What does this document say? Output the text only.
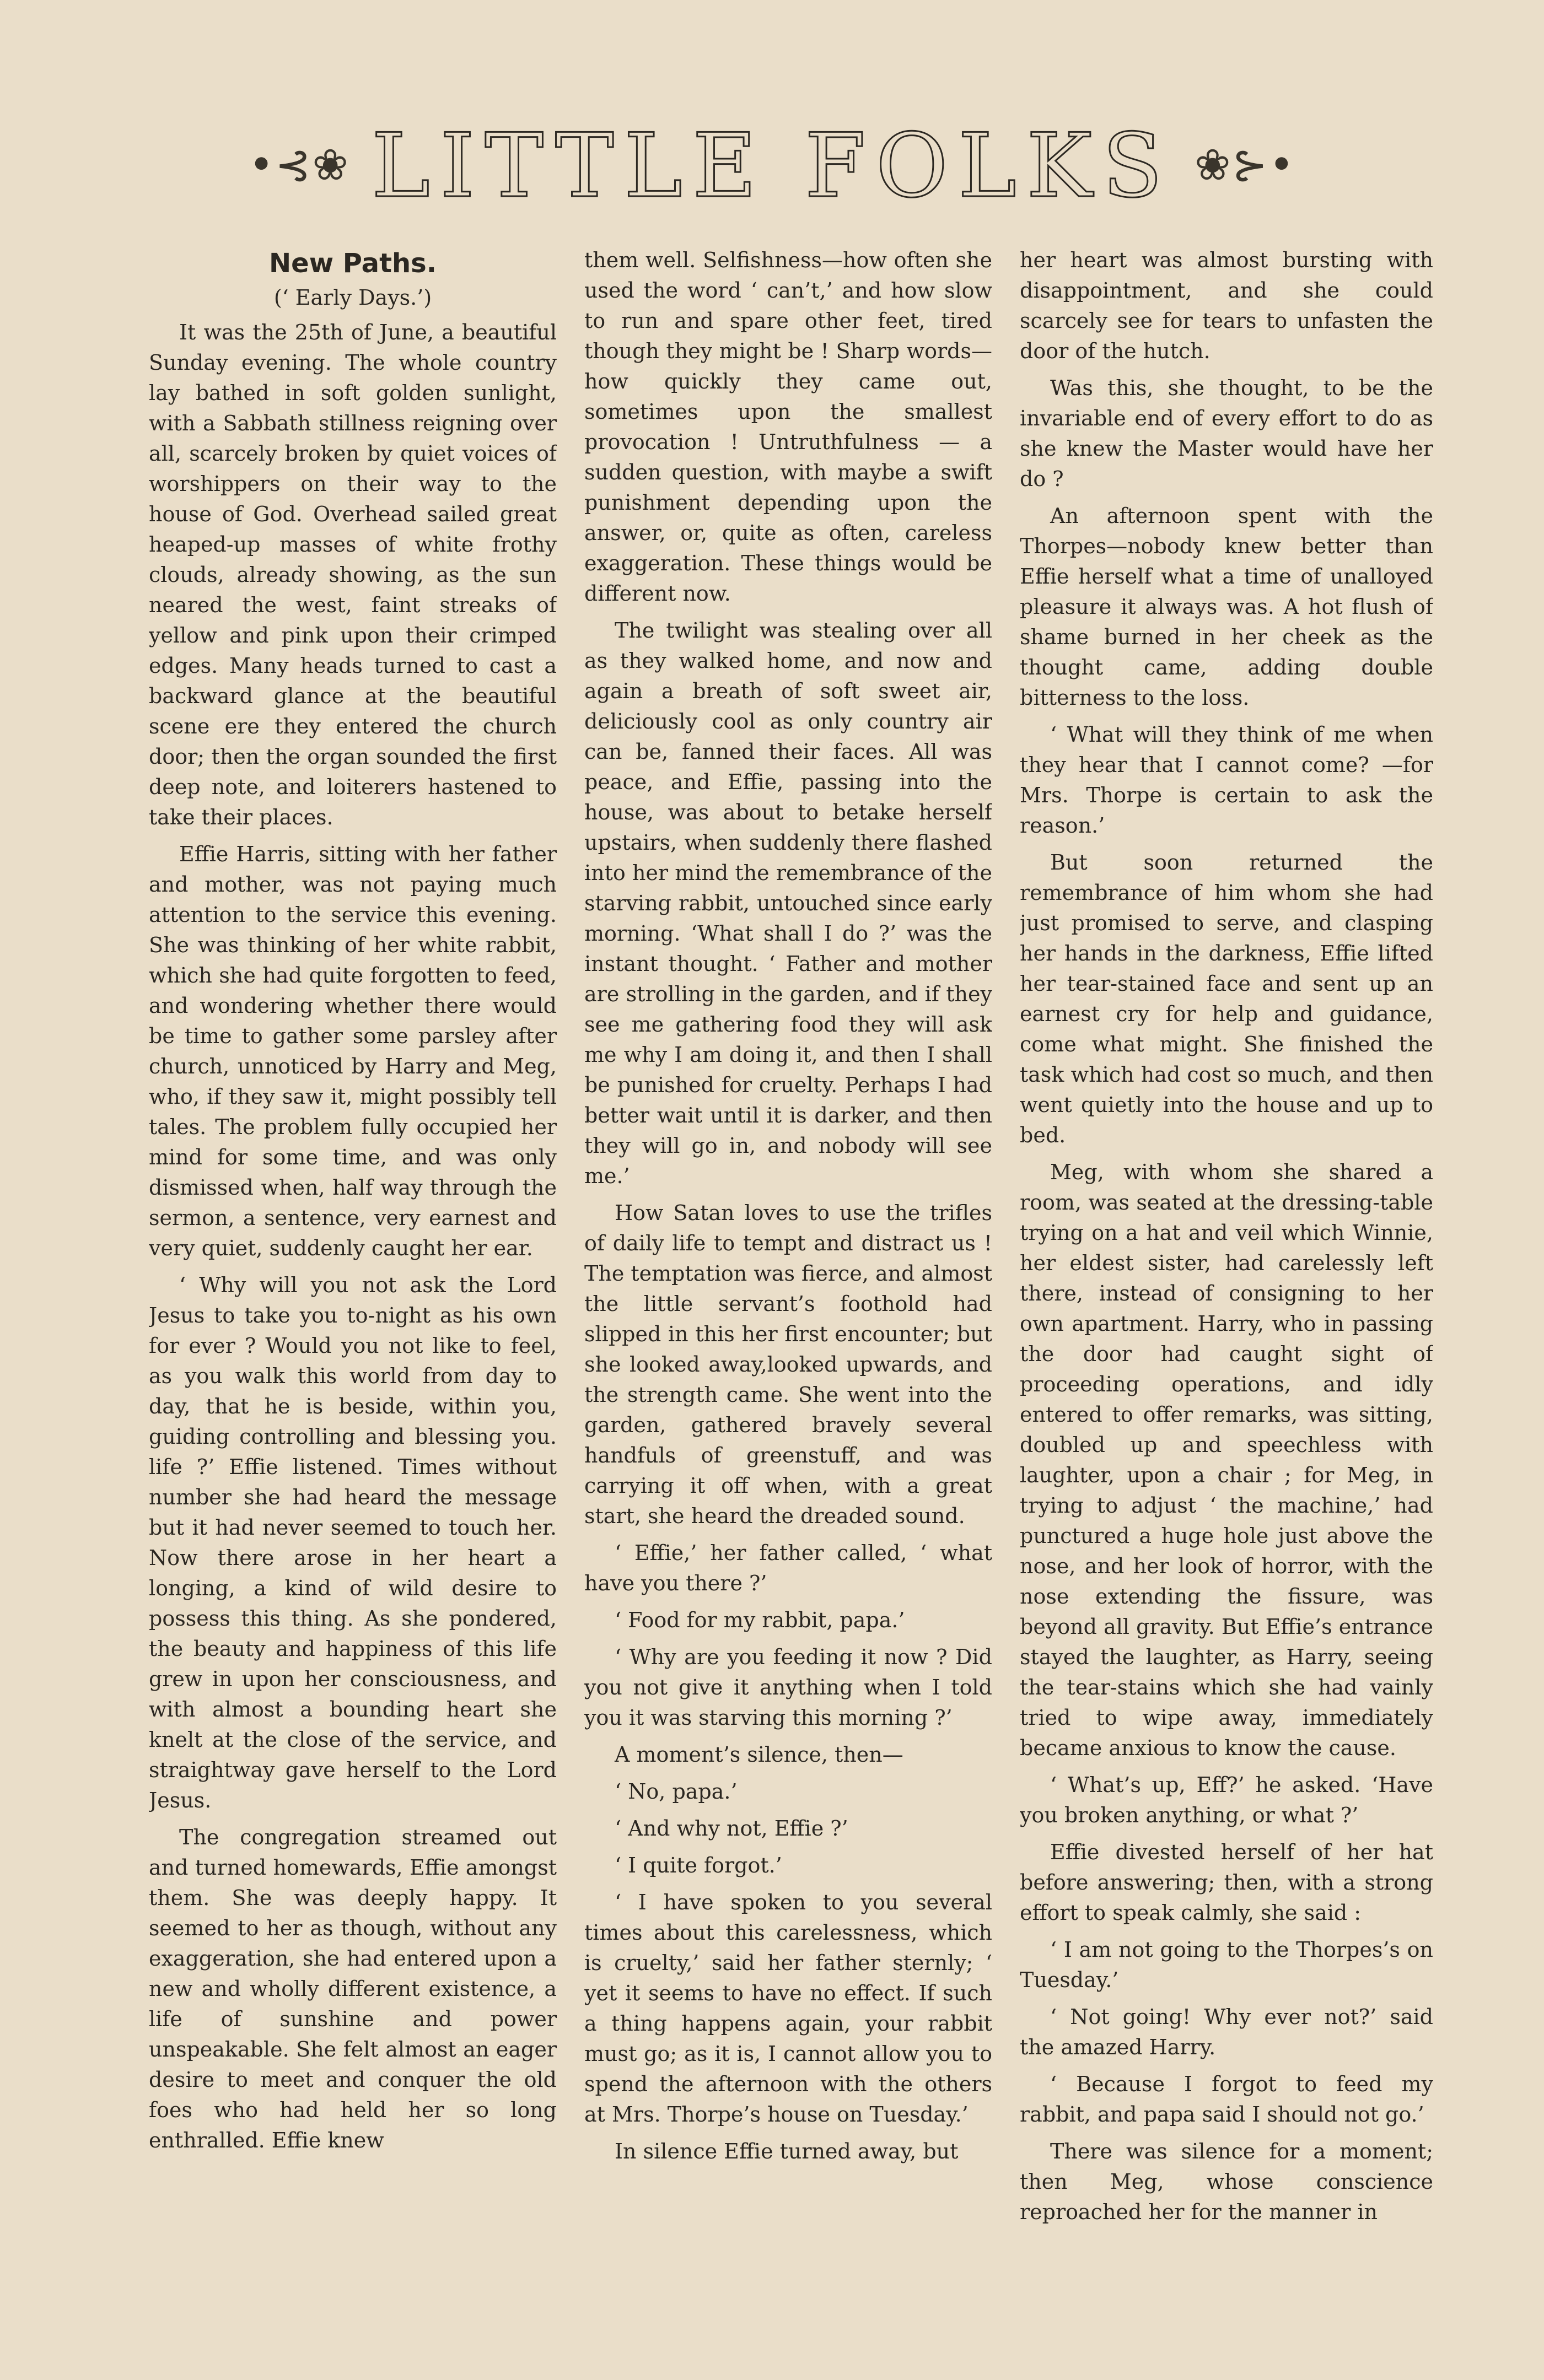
•⊰❀ LITTLE FOLKS ❀⊱•
New Paths.
(‘ Early Days.’)

It was the 25th of June, a beautiful Sunday evening. The whole country lay bathed in soft golden sunlight, with a Sabbath stillness reigning over all, scarcely broken by quiet voices of worshippers on their way to the house of God. Overhead sailed great heaped-up masses of white frothy clouds, already showing, as the sun neared the west, faint streaks of yellow and pink upon their crimped edges. Many heads turned to cast a backward glance at the beautiful scene ere they entered the church door; then the organ sounded the first deep note, and loiterers hastened to take their places.

Effie Harris, sitting with her father and mother, was not paying much attention to the service this evening. She was thinking of her white rabbit, which she had quite forgotten to feed, and wondering whether there would be time to gather some parsley after church, unnoticed by Harry and Meg, who, if they saw it, might possibly tell tales. The problem fully occupied her mind for some time, and was only dismissed when, half way through the sermon, a sentence, very earnest and very quiet, suddenly caught her ear.

‘ Why will you not ask the Lord Jesus to take you to-night as his own for ever ? Would you not like to feel, as you walk this world from day to day, that he is beside, within you, guiding controlling and blessing you. life ?’ Effie listened. Times without number she had heard the message but it had never seemed to touch her. Now there arose in her heart a longing, a kind of wild desire to possess this thing. As she pondered, the beauty and happiness of this life grew in upon her consciousness, and with almost a bounding heart she knelt at the close of the service, and straightway gave herself to the Lord Jesus.

The congregation streamed out and turned homewards, Effie amongst them. She was deeply happy. It seemed to her as though, without any exaggeration, she had entered upon a new and wholly different existence, a life of sunshine and power unspeakable. She felt almost an eager desire to meet and conquer the old foes who had held her so long enthralled. Effie knew

them well. Selfishness—how often she used the word ‘ can’t,’ and how slow to run and spare other feet, tired though they might be ! Sharp words—how quickly they came out, sometimes upon the smallest provocation ! Untruthfulness — a sudden question, with maybe a swift punishment depending upon the answer, or, quite as often, careless exaggeration. These things would be different now.

The twilight was stealing over all as they walked home, and now and again a breath of soft sweet air, deliciously cool as only country air can be, fanned their faces. All was peace, and Effie, passing into the house, was about to betake herself upstairs, when suddenly there flashed into her mind the remembrance of the starving rabbit, untouched since early morning. ‘What shall I do ?’ was the instant thought. ‘ Father and mother are strolling in the garden, and if they see me gathering food they will ask me why I am doing it, and then I shall be punished for cruelty. Perhaps I had better wait until it is darker, and then they will go in, and nobody will see me.’

How Satan loves to use the trifles of daily life to tempt and distract us ! The temptation was fierce, and almost the little servant’s foothold had slipped in this her first encounter; but she looked away,looked upwards, and the strength came. She went into the garden, gathered bravely several handfuls of greenstuff, and was carrying it off when, with a great start, she heard the dreaded sound.

‘ Effie,’ her father called, ‘ what have you there ?’

‘ Food for my rabbit, papa.’

‘ Why are you feeding it now ? Did you not give it anything when I told you it was starving this morning ?’

A moment’s silence, then—

‘ No, papa.’

‘ And why not, Effie ?’

‘ I quite forgot.’

‘ I have spoken to you several times about this carelessness, which is cruelty,’ said her father sternly; ‘ yet it seems to have no effect. If such a thing happens again, your rabbit must go; as it is, I cannot allow you to spend the afternoon with the others at Mrs. Thorpe’s house on Tuesday.’

In silence Effie turned away, but

her heart was almost bursting with disappointment, and she could scarcely see for tears to unfasten the door of the hutch.

Was this, she thought, to be the invariable end of every effort to do as she knew the Master would have her do ?

An afternoon spent with the Thorpes—nobody knew better than Effie herself what a time of unalloyed pleasure it always was. A hot flush of shame burned in her cheek as the thought came, adding double bitterness to the loss.

‘ What will they think of me when they hear that I cannot come? —for Mrs. Thorpe is certain to ask the reason.’

But soon returned the remembrance of him whom she had just promised to serve, and clasping her hands in the darkness, Effie lifted her tear-stained face and sent up an earnest cry for help and guidance, come what might. She finished the task which had cost so much, and then went quietly into the house and up to bed.

Meg, with whom she shared a room, was seated at the dressing-table trying on a hat and veil which Winnie, her eldest sister, had carelessly left there, instead of consigning to her own apartment. Harry, who in passing the door had caught sight of proceeding operations, and idly entered to offer remarks, was sitting, doubled up and speechless with laughter, upon a chair ; for Meg, in trying to adjust ‘ the machine,’ had punctured a huge hole just above the nose, and her look of horror, with the nose extending the fissure, was beyond all gravity. But Effie’s entrance stayed the laughter, as Harry, seeing the tear-stains which she had vainly tried to wipe away, immediately became anxious to know the cause.

‘ What’s up, Eff?’ he asked. ‘Have you broken anything, or what ?’

Effie divested herself of her hat before answering; then, with a strong effort to speak calmly, she said :

‘ I am not going to the Thorpes’s on Tuesday.’

‘ Not going! Why ever not?’ said the amazed Harry.

‘ Because I forgot to feed my rabbit, and papa said I should not go.’

There was silence for a moment; then Meg, whose conscience reproached her for the manner in
